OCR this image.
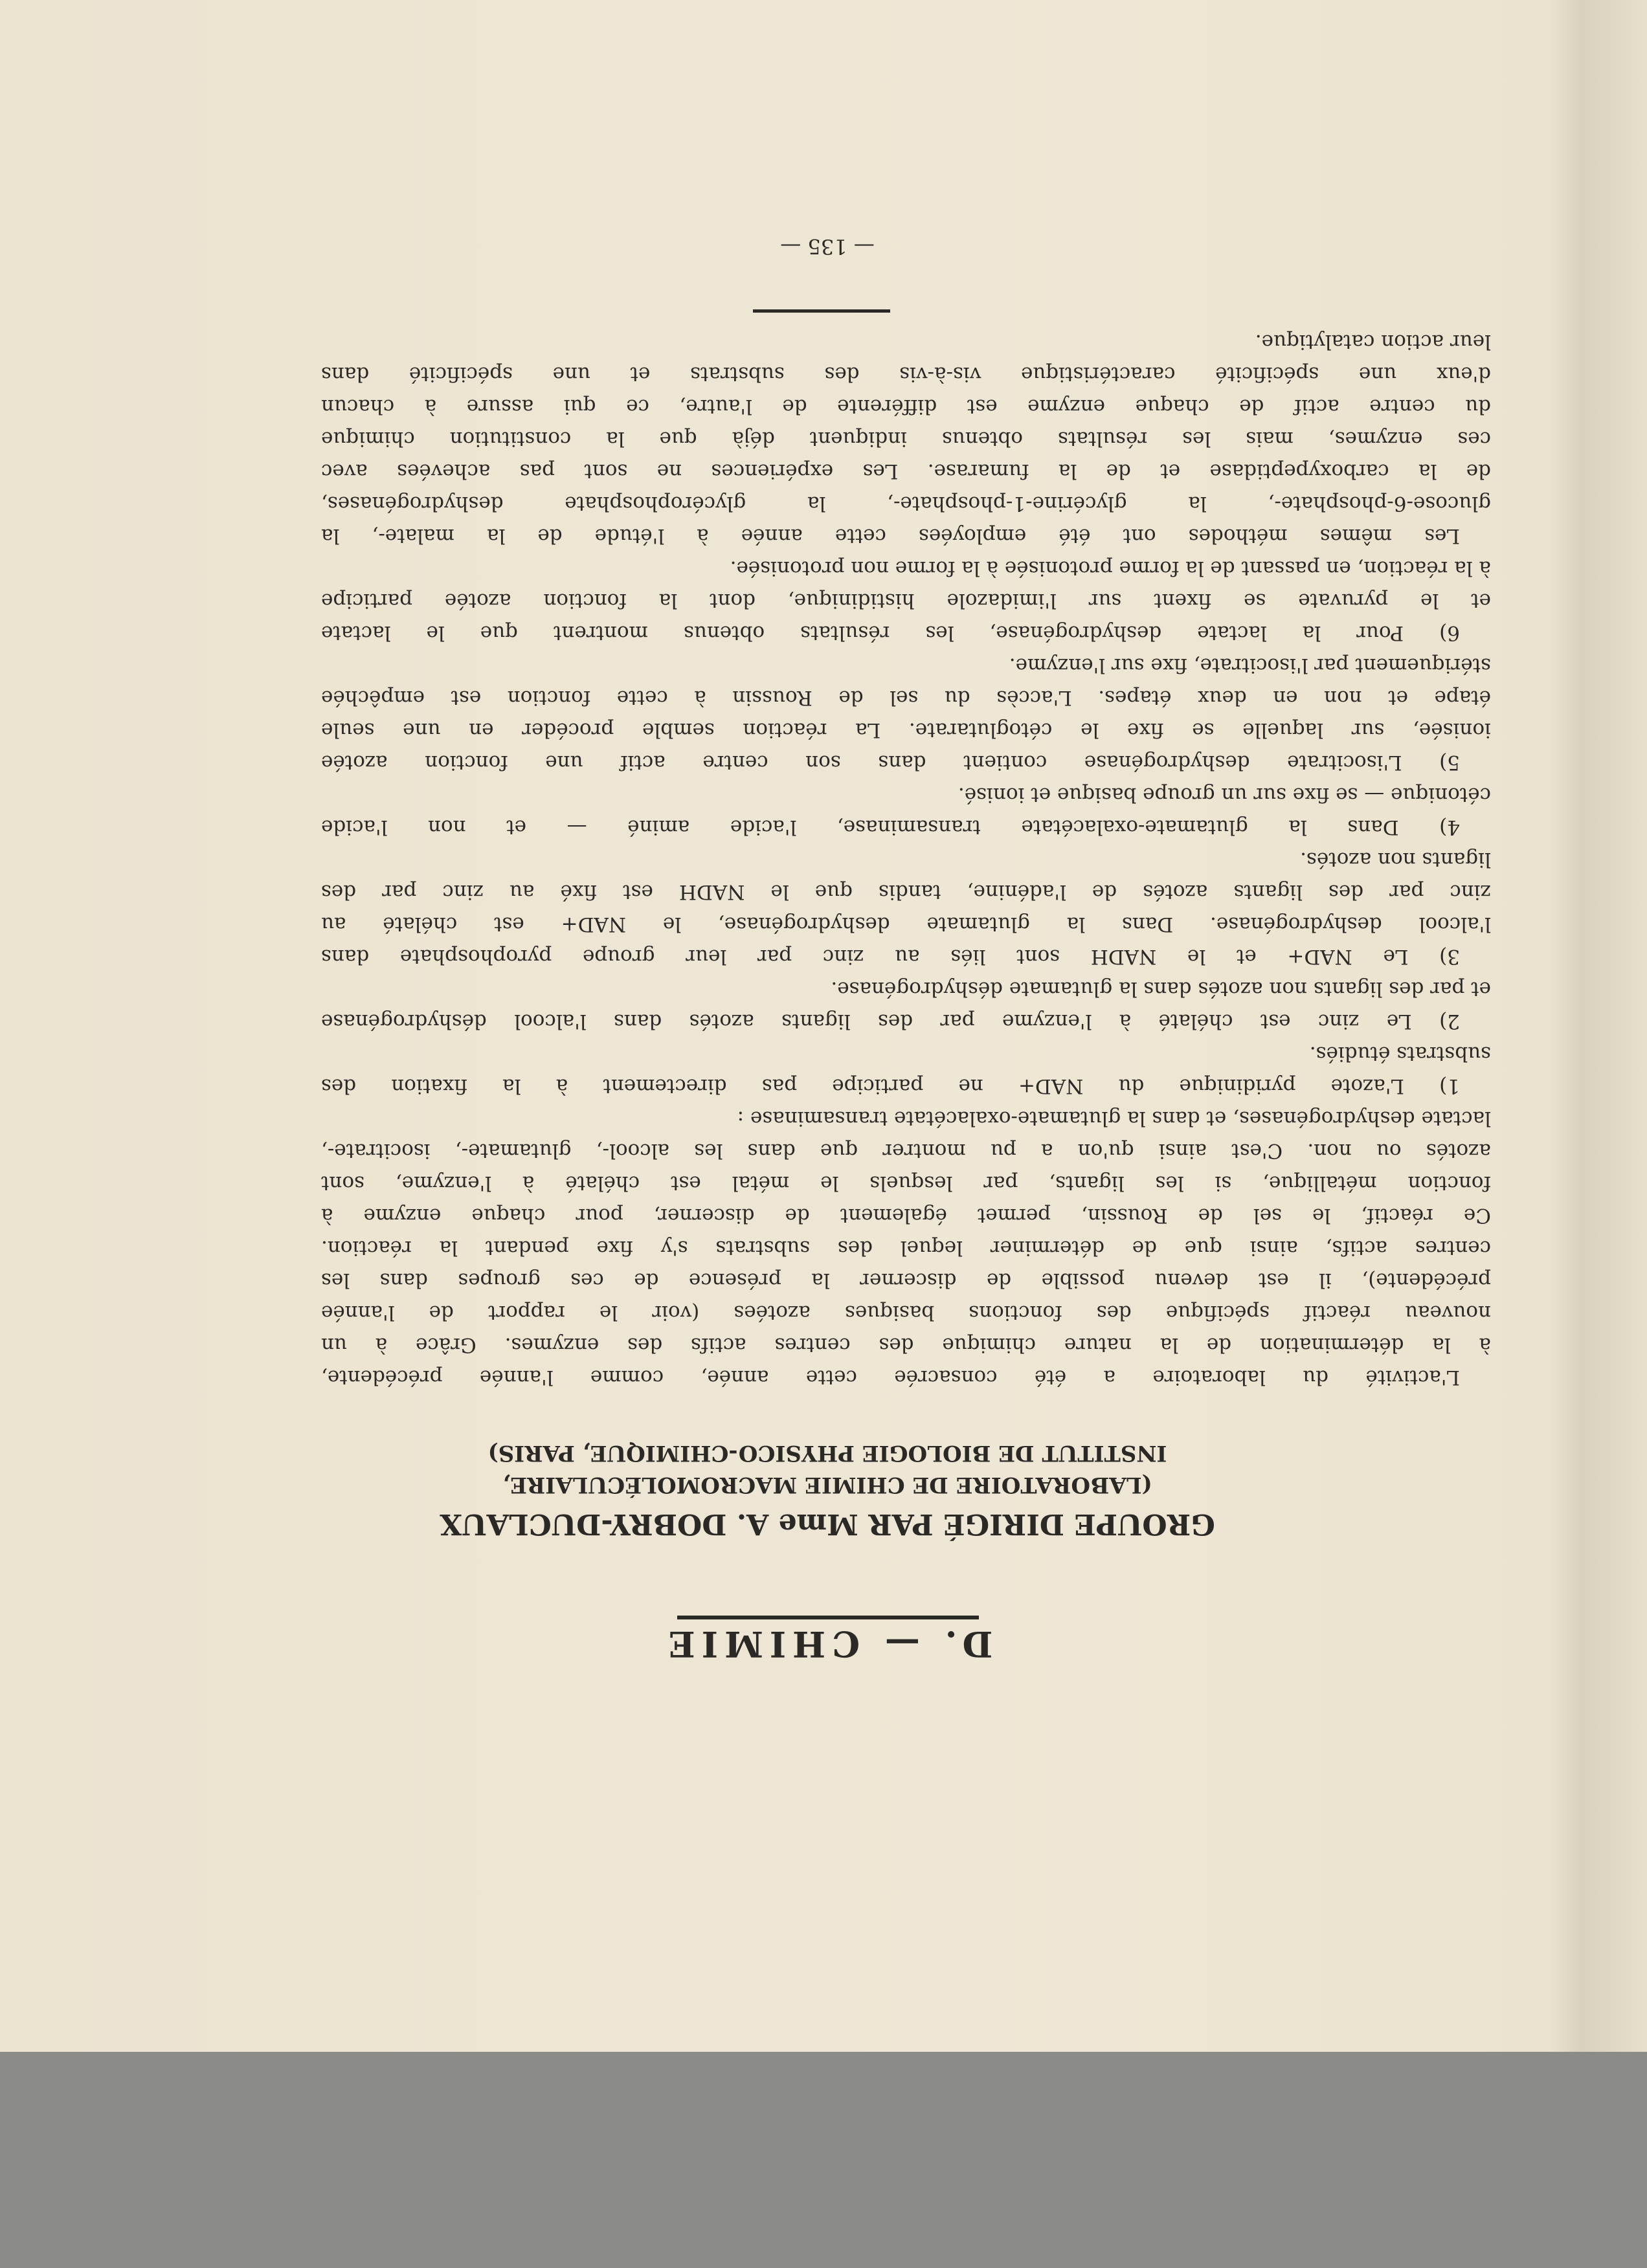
D. — CHIMIE
GROUPE DIRIGÉ PAR Mme A. DOBRY-DUCLAUX
(LABORATOIRE DE CHIMIE MACROMOLÉCULAIRE,
INSTITUT DE BIOLOGIE PHYSICO-CHIMIQUE, PARIS)
L'activité du laboratoire a été consacrée cette année, comme l'année précédente,
à la détermination de la nature chimique des centres actifs des enzymes. Grâce à un
nouveau réactif spécifique des fonctions basiques azotées (voir le rapport de l'année
précédente), il est devenu possible de discerner la présence de ces groupes dans les
centres actifs, ainsi que de déterminer lequel des substrats s'y fixe pendant la réaction.
Ce réactif, le sel de Roussin, permet également de discerner, pour chaque enzyme à
fonction métallique, si les ligants, par lesquels le métal est chélaté à l'enzyme, sont
azotés ou non. C'est ainsi qu'on a pu montrer que dans les alcool-, glutamate-, isocitrate-,
lactate deshydrogénases, et dans la glutamate-oxalacétate transaminase :
1) L'azote pyridinique du NAD+ ne participe pas directement à la fixation des
substrats étudiés.
2) Le zinc est chélaté à l'enzyme par des ligants azotés dans l'alcool déshydrogénase
et par des ligants non azotés dans la glutamate déshydrogénase.
3) Le NAD+ et le NADH sont liés au zinc par leur groupe pyrophosphate dans
l'alcool deshydrogénase. Dans la glutamate deshydrogénase, le NAD+ est chélaté au
zinc par des ligants azotés de l'adénine, tandis que le NADH est fixé au zinc par des
ligants non azotés.
4) Dans la glutamate-oxalacétate transaminase, l'acide aminé — et non l'acide
cétonique — se fixe sur un groupe basique et ionisé.
5) L'isocitrate deshydrogénase contient dans son centre actif une fonction azotée
ionisée, sur laquelle se fixe le cétoglutarate. La réaction semble procéder en une seule
étape et non en deux étapes. L'accès du sel de Roussin à cette fonction est empêchée
stériquement par l'isocitrate, fixe sur l'enzyme.
6) Pour la lactate deshydrogénase, les résultats obtenus montrent que le lactate
et le pyruvate se fixent sur l'imidazole histidinique, dont la fonction azotée participe
à la réaction, en passant de la forme protonisée à la forme non protonisée.
Les mêmes méthodes ont été employées cette année à l'étude de la malate-, la
glucose-6-phosphate-, la glycérine-1-phosphate-, la glycérophosphate deshydrogénases,
de la carboxypeptidase et de la fumarase. Les expériences ne sont pas achevées avec
ces enzymes, mais les résultats obtenus indiquent déjà que la constitution chimique
du centre actif de chaque enzyme est différente de l'autre, ce qui assure à chacun
d'eux une spécificité caractéristique vis-à-vis des substrats et une spécificité dans
leur action catalytique.
— 135 —
